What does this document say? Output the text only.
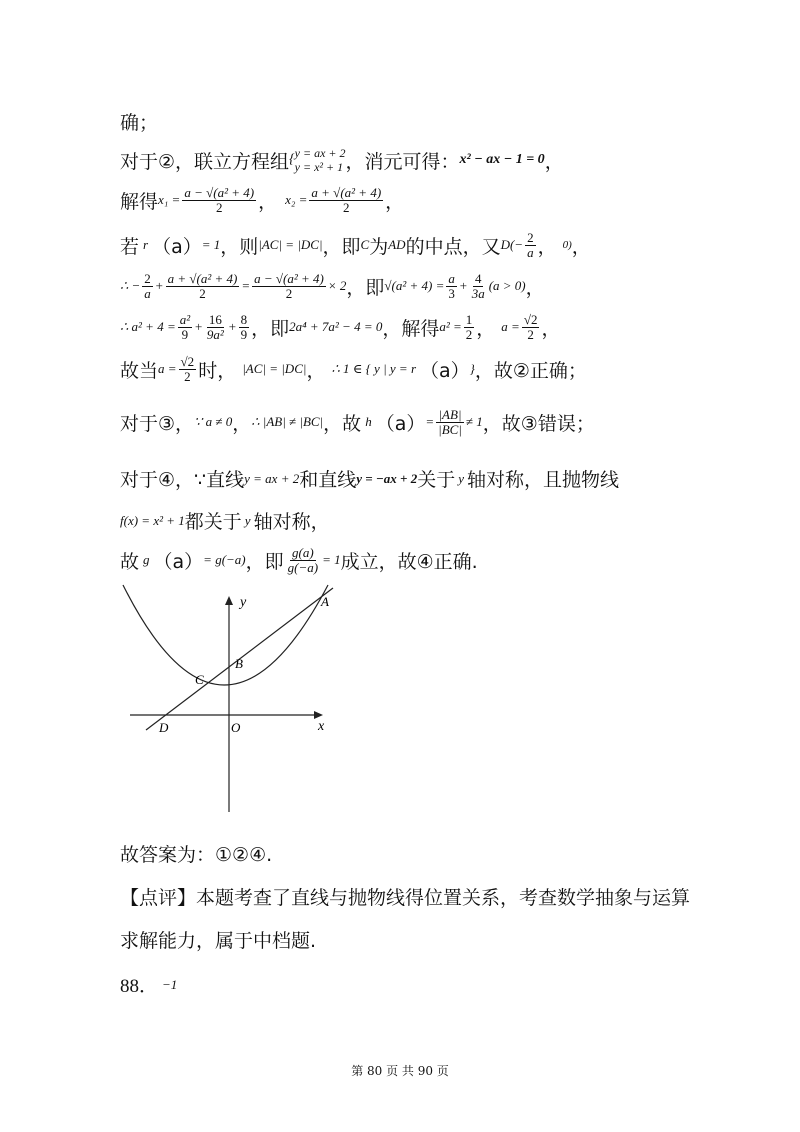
确；
对于②，联立方程组 { y = ax + 2
y = x² + 1 ，消元可得： x² − ax − 1 = 0 ，
解得 $x_1 = \frac{\text{a − √(a² + 4)}}{2}$ ， $x_2 = \frac{\text{a + √(a² + 4)}}{2}$ ，
若 r （a） = 1 ，则 |AC| = |DC| ，即 C 为 AD 的中点，又 $D(- \frac{2}{a}$ ， 0) ，
∴ − $\frac{2}{a} + \frac{\text{a + √(a² + 4)}}{2} = \frac{\text{a − √(a² + 4)}}{2} \times 2$ ，即 $√(a^2 + 4) = \frac{a}{3} + \frac{4}{3a} (a > 0)$ ，
∴ $a^2 + 4 = \frac{\text{a²}}{9} + \frac{16}{\text{9a²}} + \frac{8}{9}$ ，即 2a⁴ + 7a² − 4 = 0 ，解得 $a^2 = \frac{1}{2}$ ， $a = \frac{√2}{2}$ ，
故当 $a = \frac{√2}{2}$ 时， |AC| = |DC| ， ∴ 1 ∈ { y | y = r （a） } ，故②正确；
对于③， ∵ a ≠ 0 ， ∴ |AB| ≠ |BC| ，故 h $(a) = \frac{|AB|}{|BC|} \ne 1$ ，故③错误；
对于④，∵直线 y = ax + 2 和直线 y = −ax + 2 关于 y 轴对称，且抛物线
f(x) = x² + 1 都关于 y 轴对称，
故 g （a） = g(−a) ，即 $\frac{g(a)}{g(-a)} = 1$ 成立，故④正确.
y
x
A
B
C
D	O
故答案为：①②④.
【点评】本题考查了直线与抛物线得位置关系，考查数学抽象与运算
求解能力，属于中档题.
88． −1
第 80 页 共 90 页
